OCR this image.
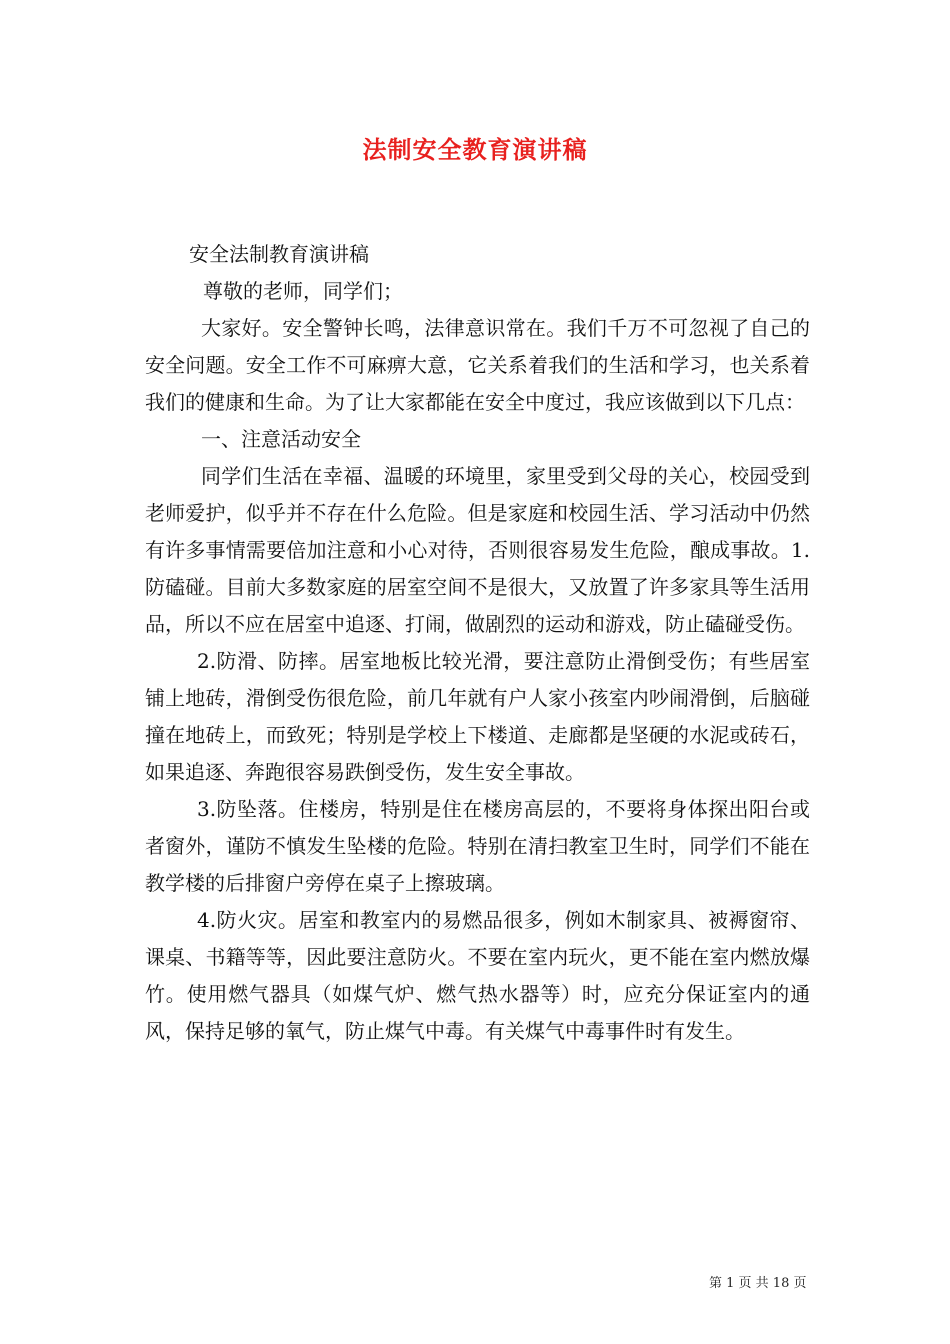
法制安全教育演讲稿

安全法制教育演讲稿

尊敬的老师，同学们；

大家好。安全警钟长鸣，法律意识常在。我们千万不可忽视了自己的安全问题。安全工作不可麻痹大意，它关系着我们的生活和学习，也关系着我们的健康和生命。为了让大家都能在安全中度过，我应该做到以下几点：

一、注意活动安全

同学们生活在幸福、温暖的环境里，家里受到父母的关心，校园受到老师爱护，似乎并不存在什么危险。但是家庭和校园生活、学习活动中仍然有许多事情需要倍加注意和小心对待，否则很容易发生危险，酿成事故。1.防磕碰。目前大多数家庭的居室空间不是很大，又放置了许多家具等生活用品，所以不应在居室中追逐、打闹，做剧烈的运动和游戏，防止磕碰受伤。

2.防滑、防摔。居室地板比较光滑，要注意防止滑倒受伤；有些居室铺上地砖，滑倒受伤很危险，前几年就有户人家小孩室内吵闹滑倒，后脑碰撞在地砖上，而致死；特别是学校上下楼道、走廊都是坚硬的水泥或砖石，如果追逐、奔跑很容易跌倒受伤，发生安全事故。

3.防坠落。住楼房，特别是住在楼房高层的，不要将身体探出阳台或者窗外，谨防不慎发生坠楼的危险。特别在清扫教室卫生时，同学们不能在教学楼的后排窗户旁停在桌子上擦玻璃。

4.防火灾。居室和教室内的易燃品很多，例如木制家具、被褥窗帘、课桌、书籍等等，因此要注意防火。不要在室内玩火，更不能在室内燃放爆竹。使用燃气器具（如煤气炉、燃气热水器等）时，应充分保证室内的通风，保持足够的氧气，防止煤气中毒。有关煤气中毒事件时有发生。

第 1 页 共 18 页
